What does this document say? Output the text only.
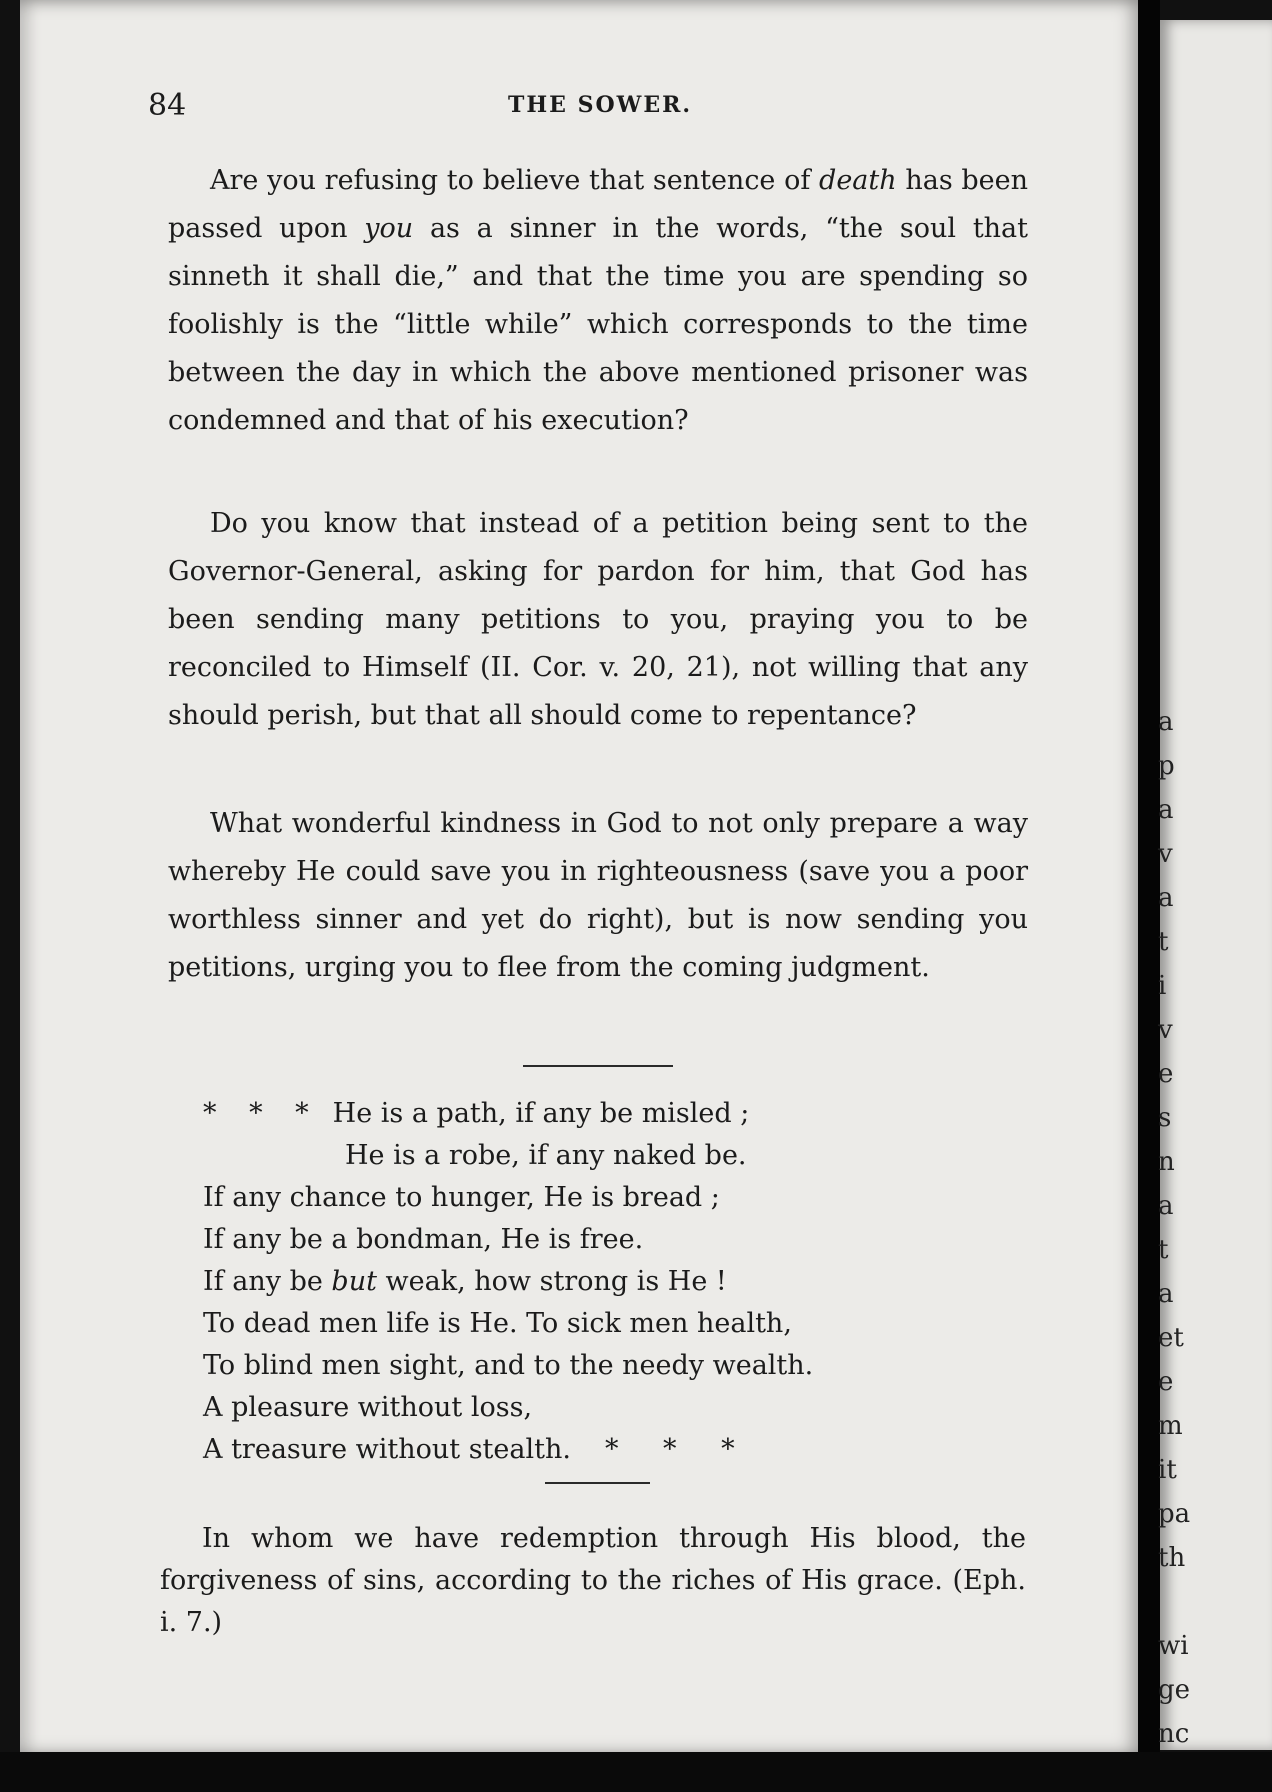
84	THE SOWER.

Are you refusing to believe that sentence of death has been passed upon you as a sinner in the words, “the soul that sinneth it shall die,” and that the time you are spending so foolishly is the “little while” which corresponds to the time between the day in which the above mentioned prisoner was condemned and that of his execution?

Do you know that instead of a petition being sent to the Governor-General, asking for pardon for him, that God has been sending many petitions to you, praying you to be reconciled to Himself (II. Cor. v. 20, 21), not willing that any should perish, but that all should come to repentance?

What wonderful kindness in God to not only prepare a way whereby He could save you in righteousness (save you a poor worthless sinner and yet do right), but is now sending you petitions, urging you to flee from the coming judgment.

* * * He is a path, if any be misled ;
He is a robe, if any naked be.
If any chance to hunger, He is bread ;
If any be a bondman, He is free.
If any be but weak, how strong is He !
To dead men life is He. To sick men health,
To blind men sight, and to the needy wealth.
A pleasure without loss,
A treasure without stealth. * * *

In whom we have redemption through His blood, the forgiveness of sins, according to the riches of His grace. (Eph. i. 7.)

a
p
a
v
a
t
i
v
e
s
n
a
t
a
et
e
m
it
pa
th
wi
ge
nc
